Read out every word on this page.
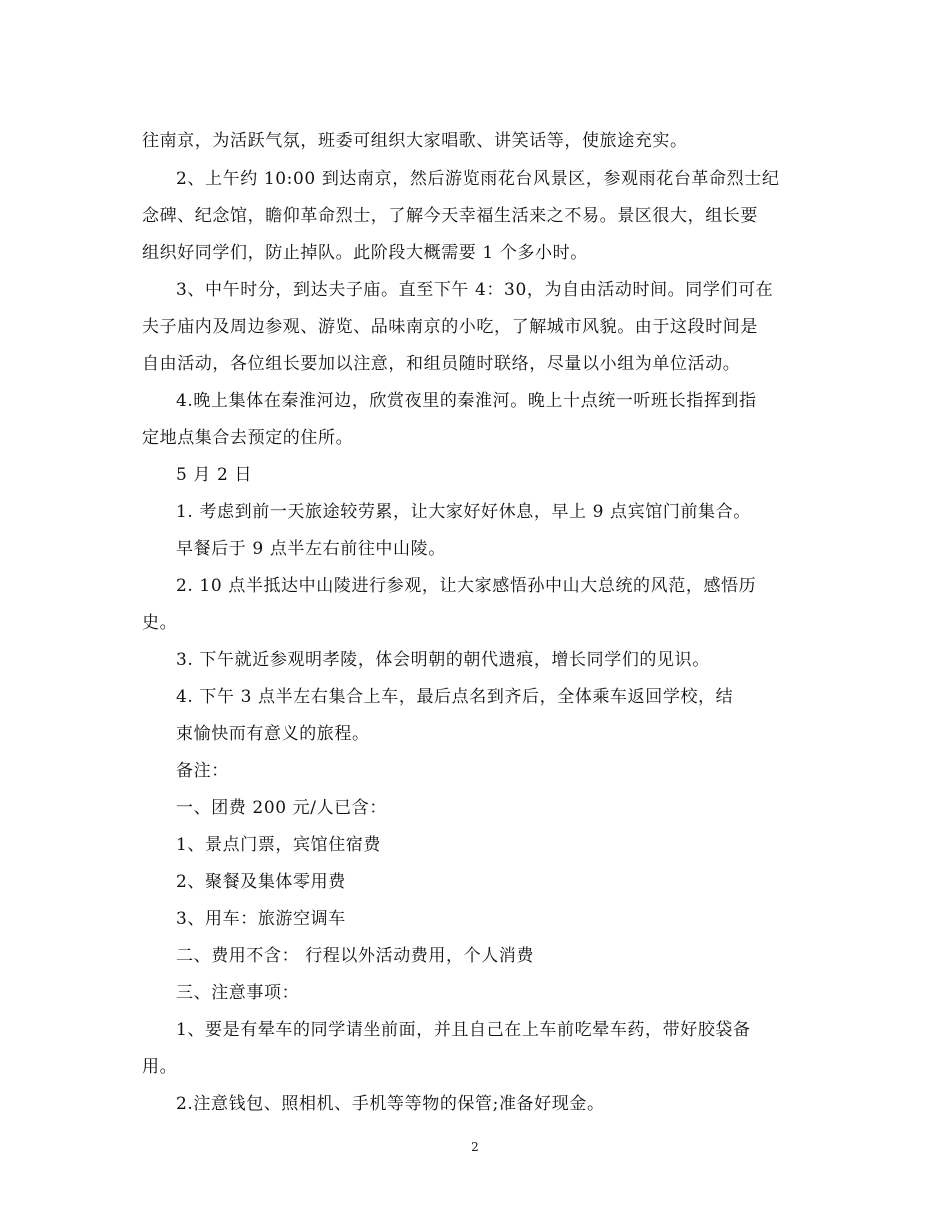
往南京，为活跃气氛，班委可组织大家唱歌、讲笑话等，使旅途充实。
2、上午约 10:00 到达南京，然后游览雨花台风景区，参观雨花台革命烈士纪
念碑、纪念馆，瞻仰革命烈士，了解今天幸福生活来之不易。景区很大，组长要
组织好同学们，防止掉队。此阶段大概需要 1 个多小时。
3、中午时分，到达夫子庙。直至下午 4：30，为自由活动时间。同学们可在
夫子庙内及周边参观、游览、品味南京的小吃，了解城市风貌。由于这段时间是
自由活动，各位组长要加以注意，和组员随时联络，尽量以小组为单位活动。
4.晚上集体在秦淮河边，欣赏夜里的秦淮河。晚上十点统一听班长指挥到指
定地点集合去预定的住所。
5 月 2 日
1. 考虑到前一天旅途较劳累，让大家好好休息，早上 9 点宾馆门前集合。
早餐后于 9 点半左右前往中山陵。
2. 10 点半抵达中山陵进行参观，让大家感悟孙中山大总统的风范，感悟历
史。
3. 下午就近参观明孝陵，体会明朝的朝代遗痕，增长同学们的见识。
4. 下午 3 点半左右集合上车，最后点名到齐后，全体乘车返回学校，结
束愉快而有意义的旅程。
备注：
一、团费 200 元/人已含：
1、景点门票，宾馆住宿费
2、聚餐及集体零用费
3、用车：旅游空调车
二、费用不含： 行程以外活动费用，个人消费
三、注意事项：
1、要是有晕车的同学请坐前面，并且自己在上车前吃晕车药，带好胶袋备
用。
2.注意钱包、照相机、手机等等物的保管;准备好现金。
2
